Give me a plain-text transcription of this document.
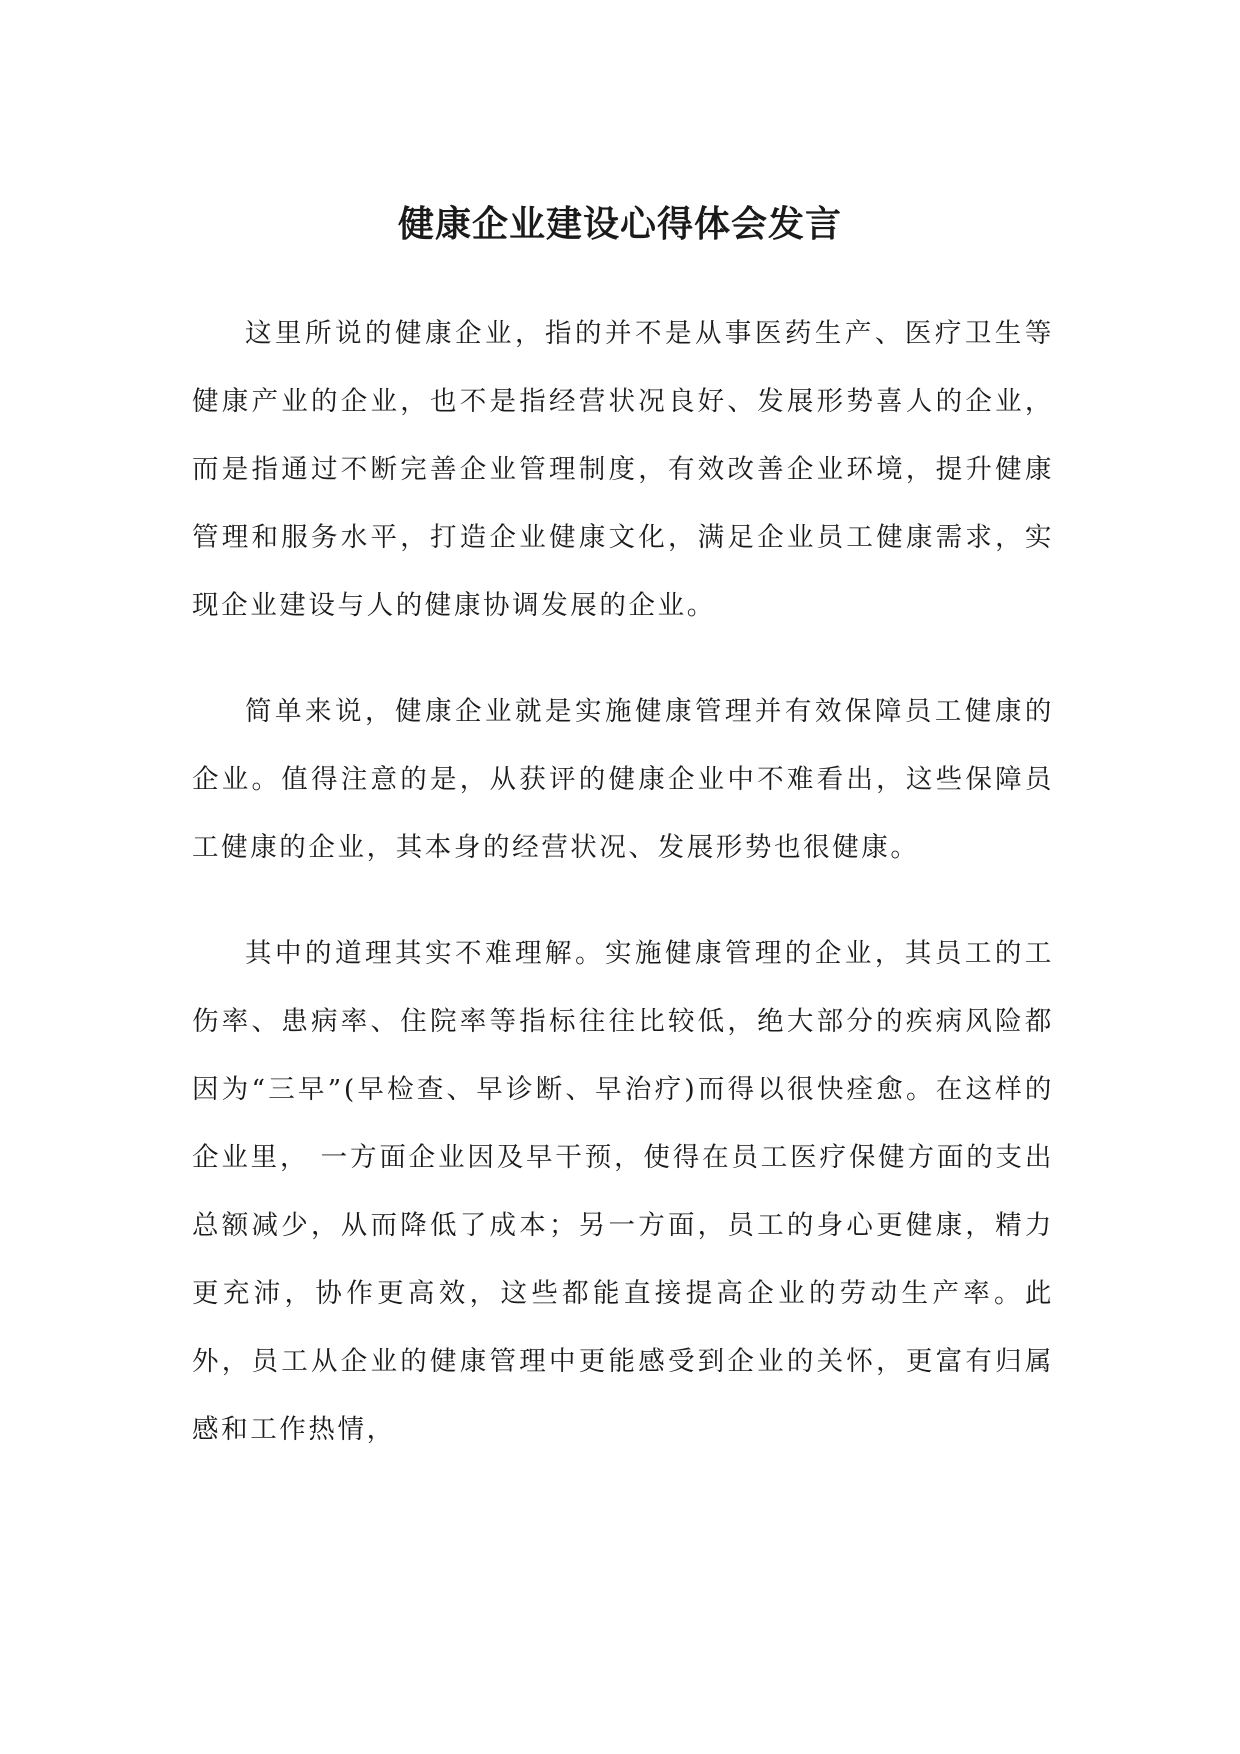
健康企业建设心得体会发言

这里所说的健康企业，指的并不是从事医药生产、医疗卫生等健康产业的企业，也不是指经营状况良好、发展形势喜人的企业，而是指通过不断完善企业管理制度，有效改善企业环境，提升健康管理和服务水平，打造企业健康文化，满足企业员工健康需求，实现企业建设与人的健康协调发展的企业。

简单来说，健康企业就是实施健康管理并有效保障员工健康的企业。值得注意的是，从获评的健康企业中不难看出，这些保障员工健康的企业，其本身的经营状况、发展形势也很健康。

其中的道理其实不难理解。实施健康管理的企业，其员工的工伤率、患病率、住院率等指标往往比较低，绝大部分的疾病风险都因为“三早”(早检查、早诊断、早治疗)而得以很快痊愈。在这样的企业里， 一方面企业因及早干预，使得在员工医疗保健方面的支出总额减少，从而降低了成本；另一方面，员工的身心更健康，精力更充沛，协作更高效，这些都能直接提高企业的劳动生产率。此外，员工从企业的健康管理中更能感受到企业的关怀，更富有归属感和工作热情，
